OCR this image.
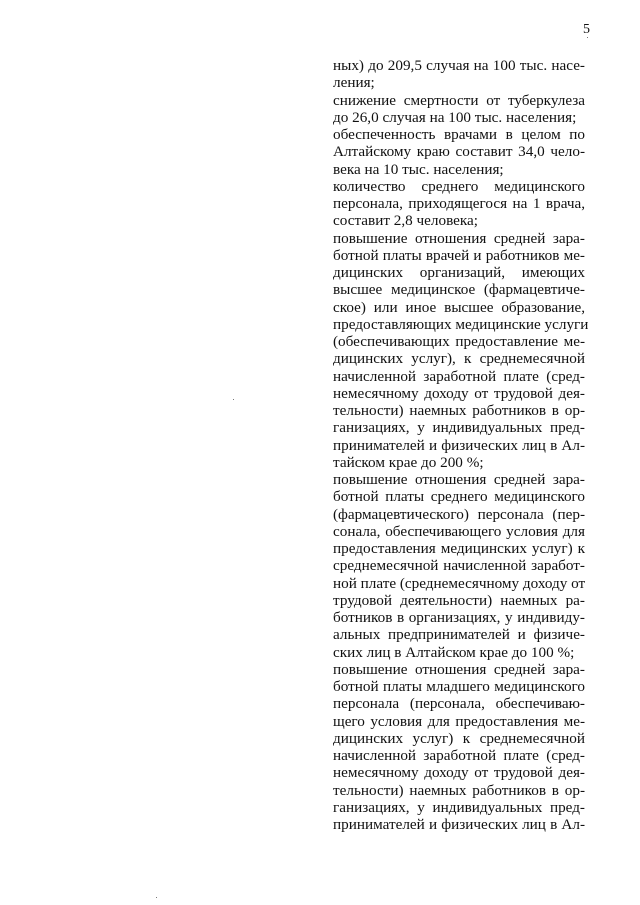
5
ных) до 209,5 случая на 100 тыс. насе-
ления;
снижение смертности от туберкулеза
до 26,0 случая на 100 тыс. населения;
обеспеченность врачами в целом по
Алтайскому краю составит 34,0 чело-
века на 10 тыс. населения;
количество среднего медицинского
персонала, приходящегося на 1 врача,
составит 2,8 человека;
повышение отношения средней зара-
ботной платы врачей и работников ме-
дицинских организаций, имеющих
высшее медицинское (фармацевтиче-
ское) или иное высшее образование,
предоставляющих медицинские услуги
(обеспечивающих предоставление ме-
дицинских услуг), к среднемесячной
начисленной заработной плате (сред-
немесячному доходу от трудовой дея-
тельности) наемных работников в ор-
ганизациях, у индивидуальных пред-
принимателей и физических лиц в Ал-
тайском крае до 200 %;
повышение отношения средней зара-
ботной платы среднего медицинского
(фармацевтического) персонала (пер-
сонала, обеспечивающего условия для
предоставления медицинских услуг) к
среднемесячной начисленной заработ-
ной плате (среднемесячному доходу от
трудовой деятельности) наемных ра-
ботников в организациях, у индивиду-
альных предпринимателей и физиче-
ских лиц в Алтайском крае до 100 %;
повышение отношения средней зара-
ботной платы младшего медицинского
персонала (персонала, обеспечиваю-
щего условия для предоставления ме-
дицинских услуг) к среднемесячной
начисленной заработной плате (сред-
немесячному доходу от трудовой дея-
тельности) наемных работников в ор-
ганизациях, у индивидуальных пред-
принимателей и физических лиц в Ал-
